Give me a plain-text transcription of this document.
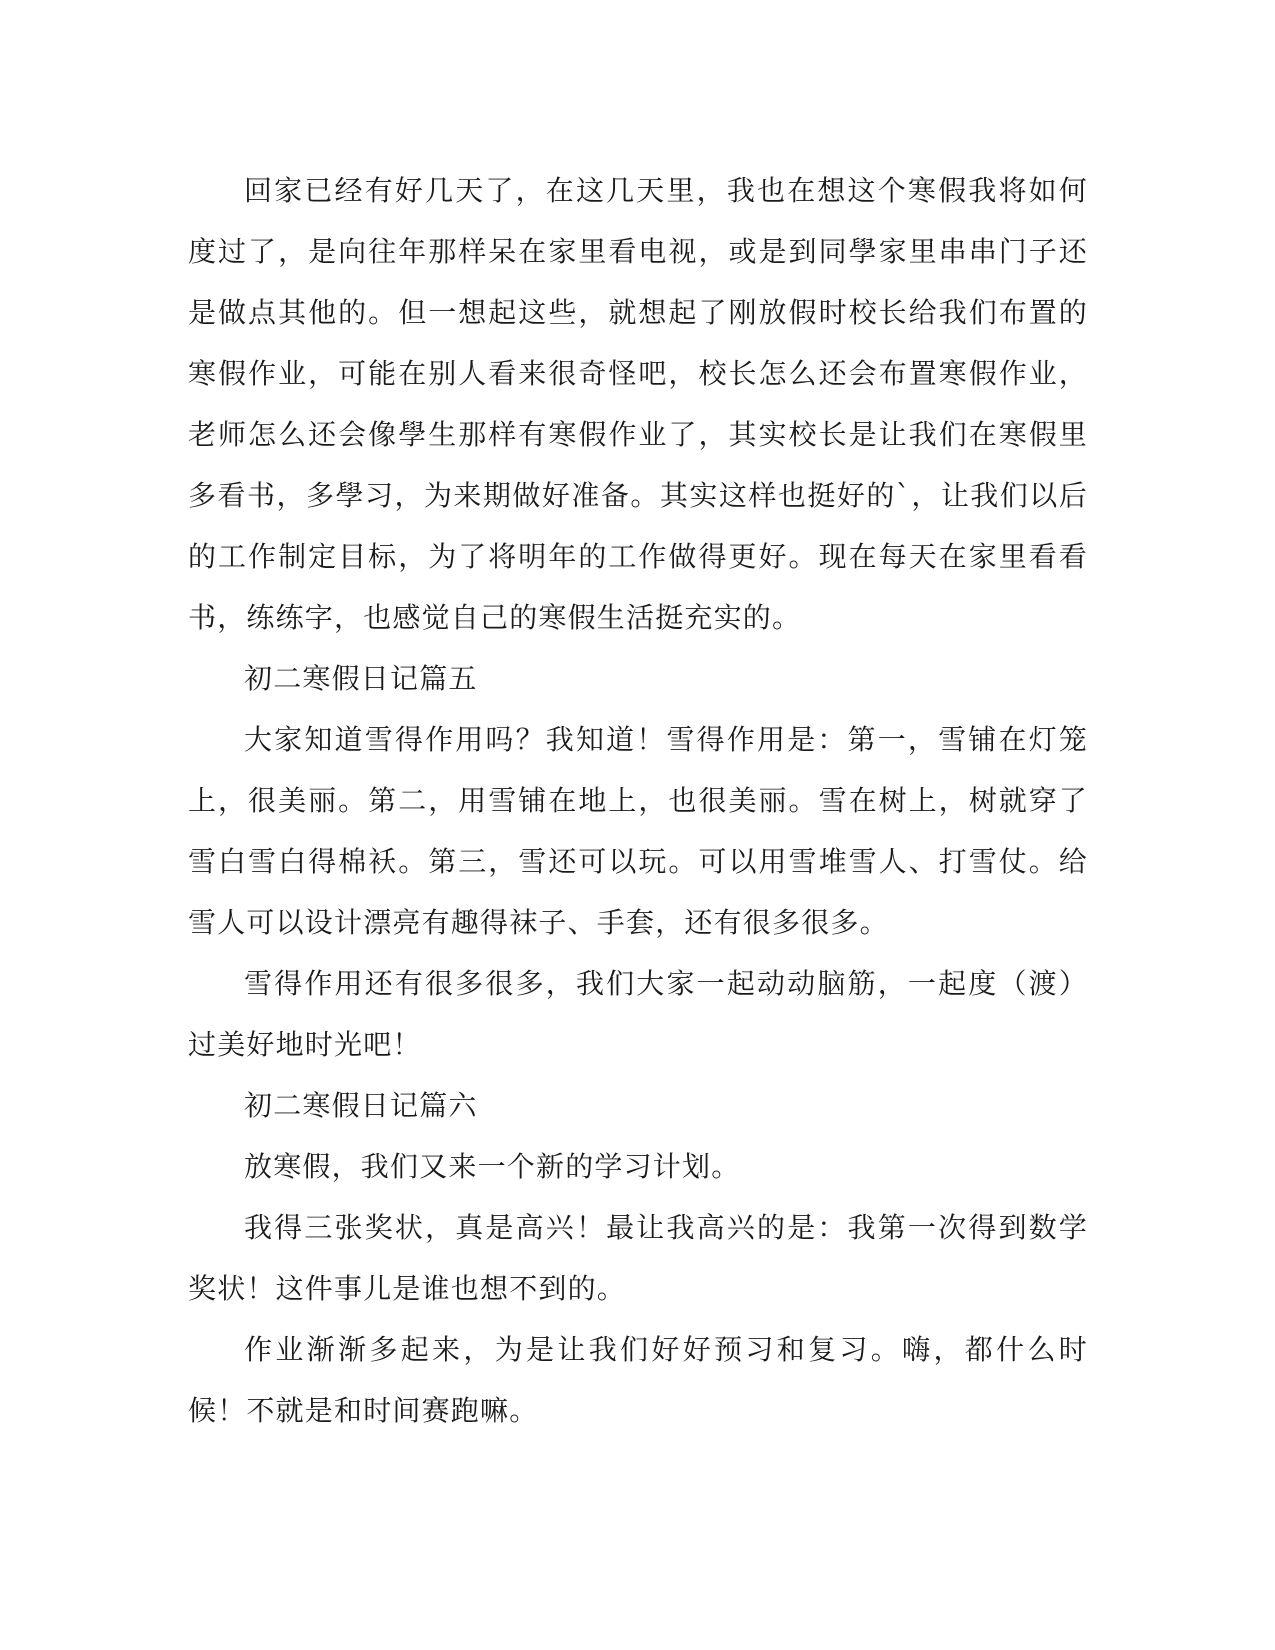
回家已经有好几天了，在这几天里，我也在想这个寒假我将如何度过了，是向往年那样呆在家里看电视，或是到同學家里串串门子还是做点其他的。但一想起这些，就想起了刚放假时校长给我们布置的寒假作业，可能在别人看来很奇怪吧，校长怎么还会布置寒假作业，老师怎么还会像學生那样有寒假作业了，其实校长是让我们在寒假里多看书，多學习，为来期做好准备。其实这样也挺好的`，让我们以后的工作制定目标，为了将明年的工作做得更好。现在每天在家里看看书，练练字，也感觉自己的寒假生活挺充实的。

初二寒假日记篇五

大家知道雪得作用吗？我知道！雪得作用是：第一，雪铺在灯笼上，很美丽。第二，用雪铺在地上，也很美丽。雪在树上，树就穿了雪白雪白得棉袄。第三，雪还可以玩。可以用雪堆雪人、打雪仗。给雪人可以设计漂亮有趣得袜子、手套，还有很多很多。

雪得作用还有很多很多，我们大家一起动动脑筋，一起度（渡）过美好地时光吧！

初二寒假日记篇六

放寒假，我们又来一个新的学习计划。

我得三张奖状，真是高兴！最让我高兴的是：我第一次得到数学奖状！这件事儿是谁也想不到的。

作业渐渐多起来，为是让我们好好预习和复习。嗨，都什么时候！不就是和时间赛跑嘛。
